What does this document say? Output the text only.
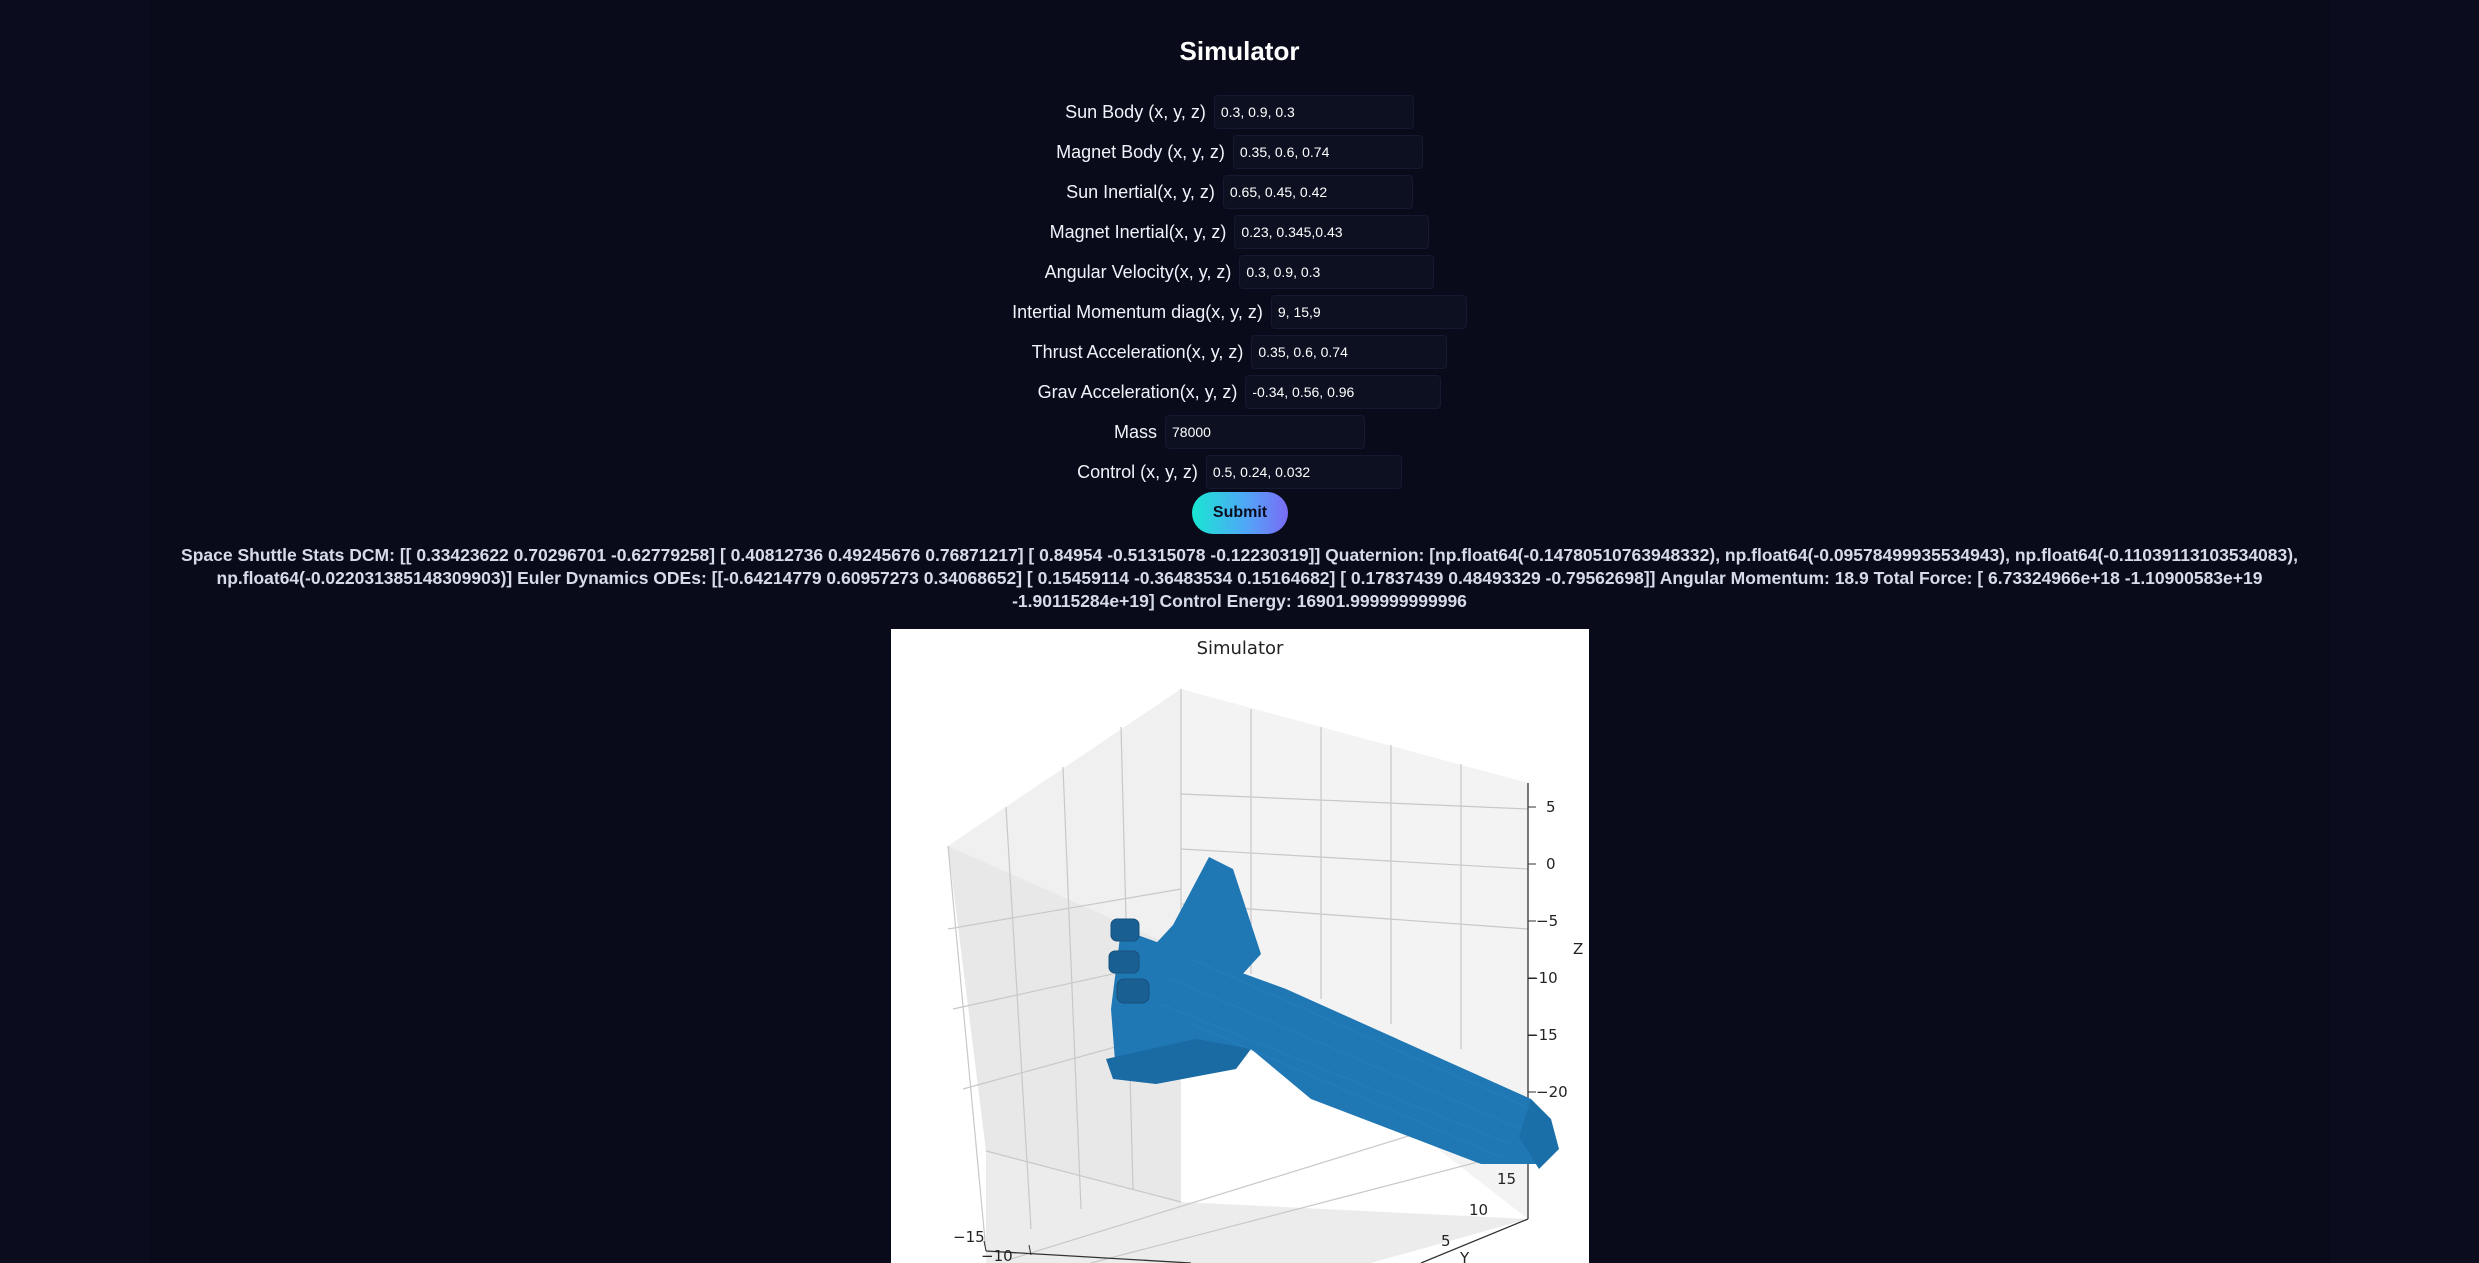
Simulator
Sun Body (x, y, z)
0.3, 0.9, 0.3
Magnet Body (x, y, z)
0.35, 0.6, 0.74
Sun Inertial(x, y, z)
0.65, 0.45, 0.42
Magnet Inertial(x, y, z)
0.23, 0.345,0.43
Angular Velocity(x, y, z)
0.3, 0.9, 0.3
Intertial Momentum diag(x, y, z)
9, 15,9
Thrust Acceleration(x, y, z)
0.35, 0.6, 0.74
Grav Acceleration(x, y, z)
-0.34, 0.56, 0.96
Mass
78000
Control (x, y, z)
0.5, 0.24, 0.032
Submit
Space Shuttle Stats DCM: [[ 0.33423622 0.70296701 -0.62779258] [ 0.40812736 0.49245676 0.76871217] [ 0.84954 -0.51315078 -0.12230319]] Quaternion: [np.float64(-0.14780510763948332), np.float64(-0.09578499935534943), np.float64(-0.11039113103534083), np.float64(-0.022031385148309903)] Euler Dynamics ODEs: [[-0.64214779 0.60957273 0.34068652] [ 0.15459114 -0.36483534 0.15164682] [ 0.17837439 0.48493329 -0.79562698]] Angular Momentum: 18.9 Total Force: [ 6.73324966e+18 -1.10900583e+19 -1.90115284e+19] Control Energy: 16901.999999999996
Simulator
5
0
−5
−10
−15
−20
Z
15
10
5
Y
−15
−10
